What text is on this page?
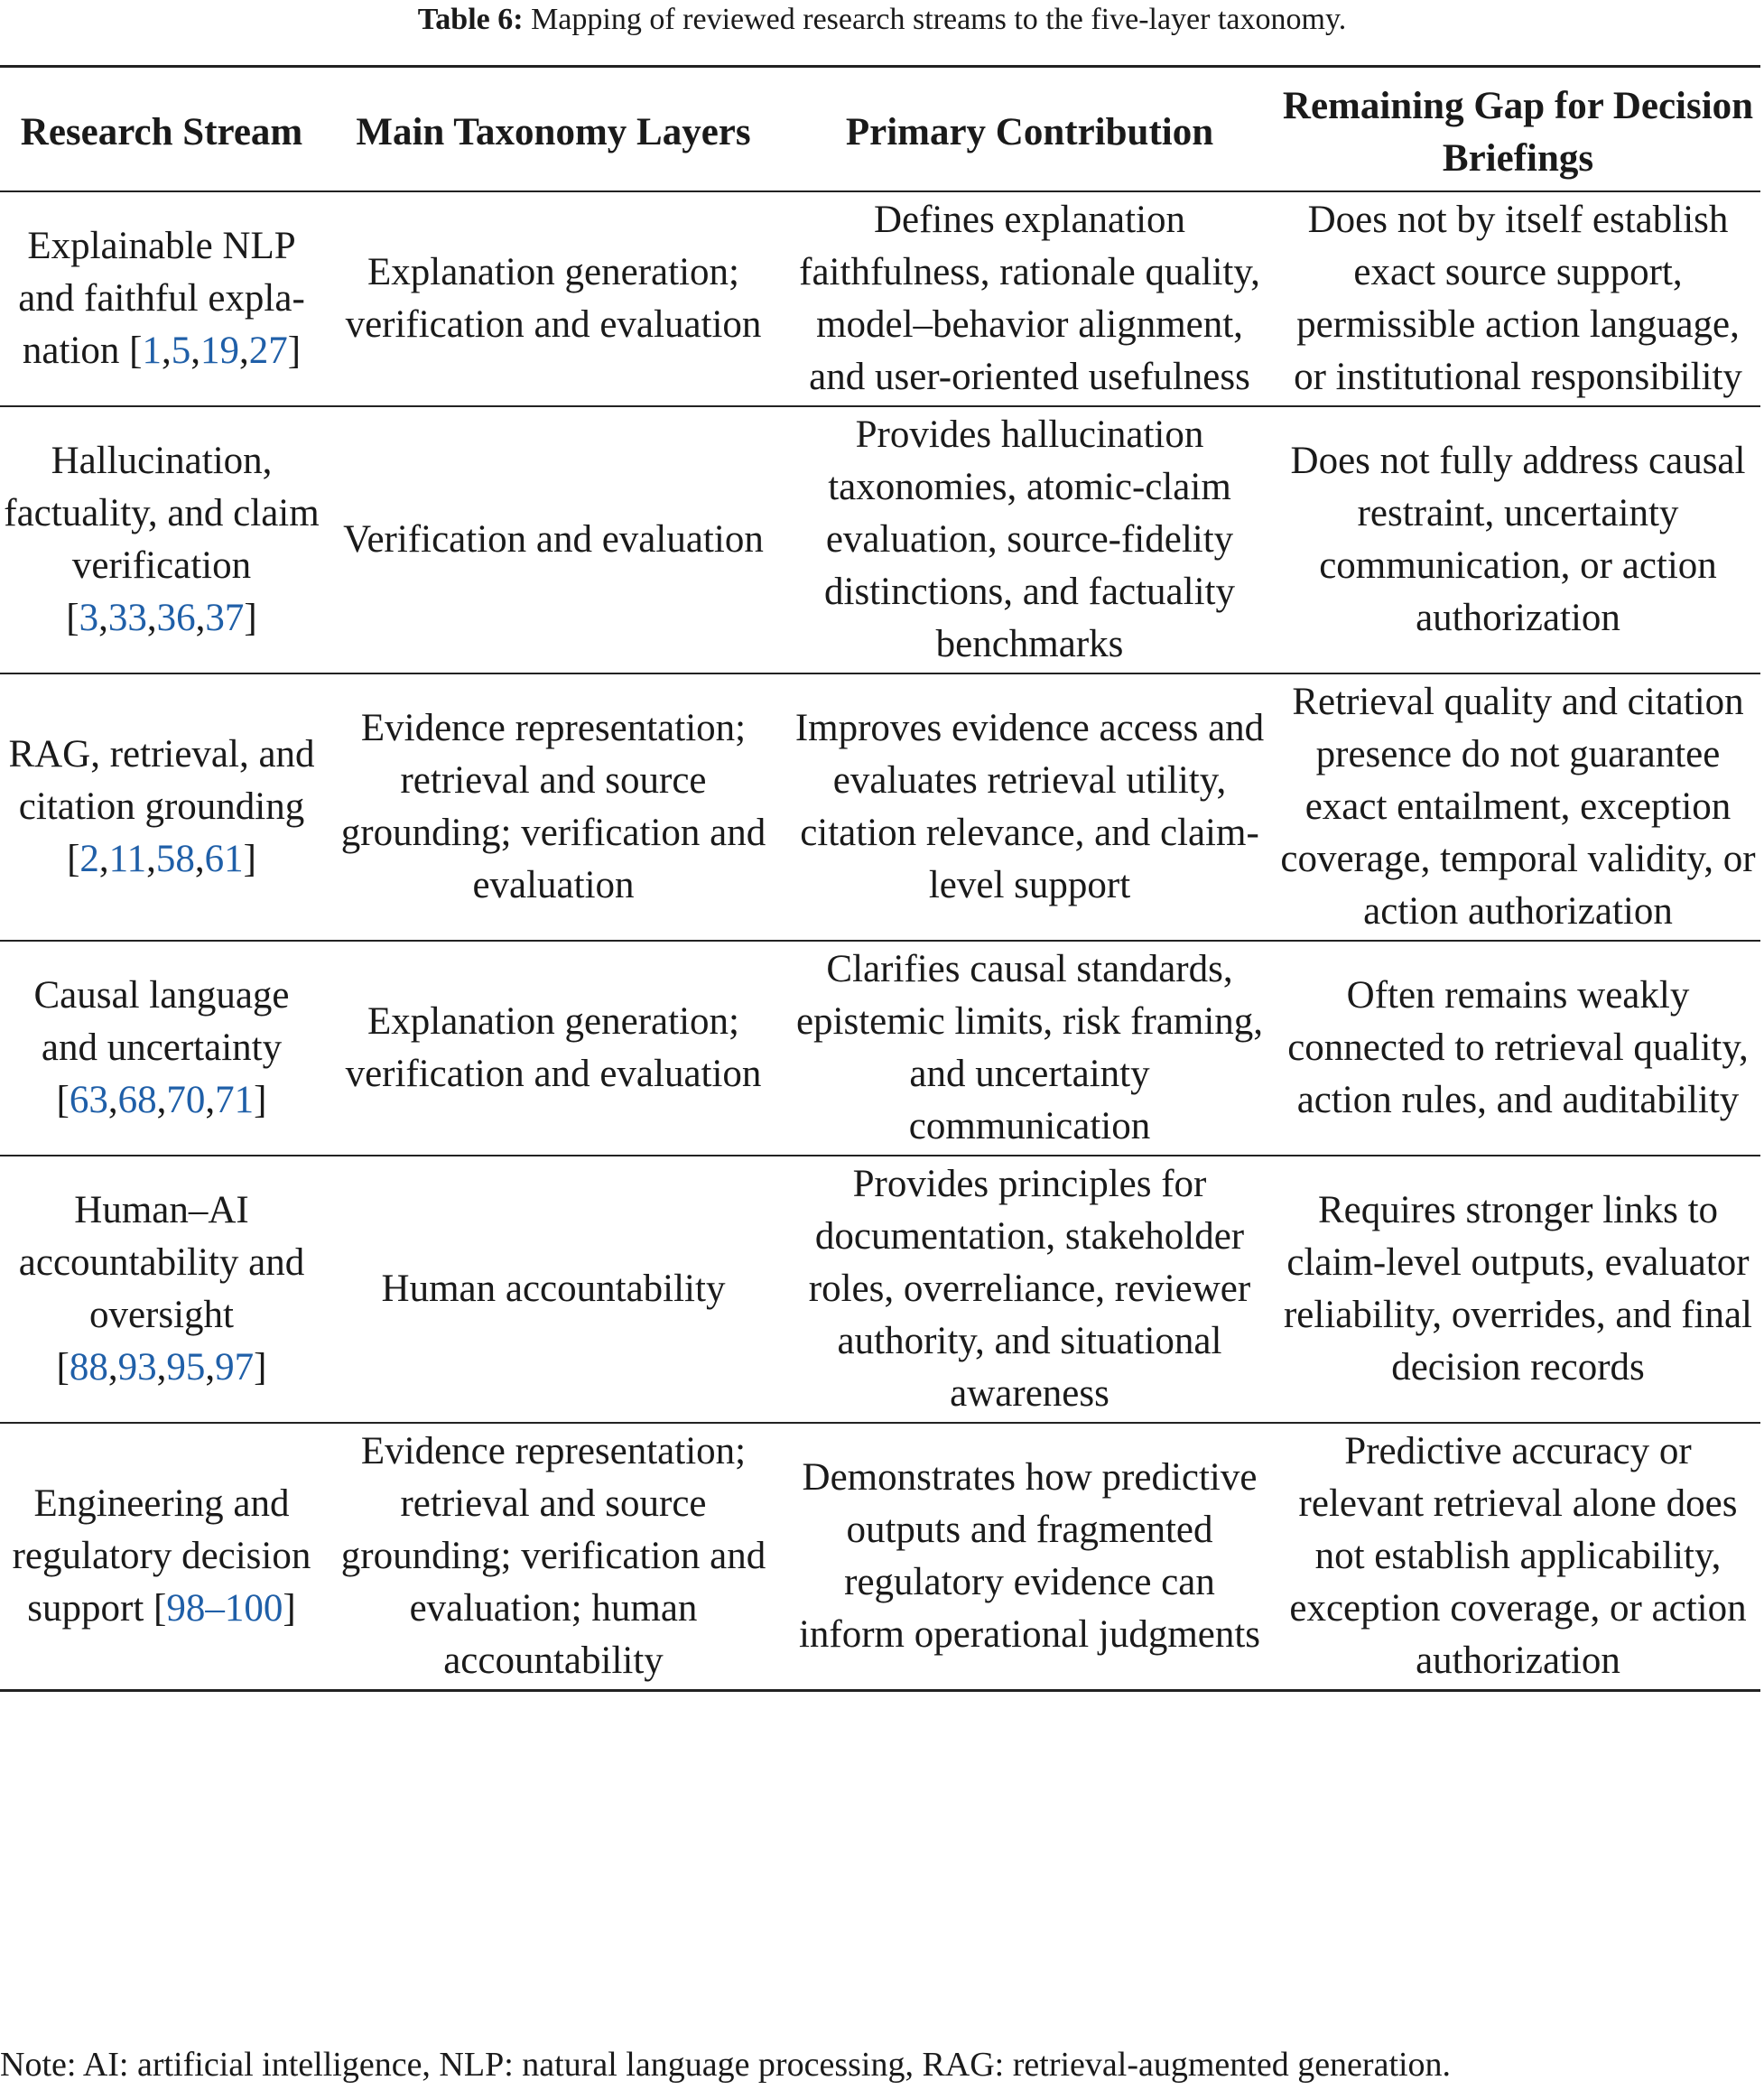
Table 6: Mapping of reviewed research streams to the five-layer taxonomy.
Research Stream	Main Taxonomy Layers	Primary Contribution	Remaining Gap for Decision Briefings
Explainable NLP and faithful explanation [1,5,19,27]	Explanation generation; verification and evaluation	Defines explanation faithfulness, rationale quality, model–behavior alignment, and user-oriented usefulness	Does not by itself establish exact source support, permissible action language, or institutional responsibility
Hallucination, factuality, and claim verification [3,33,36,37]	Verification and evaluation	Provides hallucination taxonomies, atomic-claim evaluation, source-fidelity distinctions, and factuality benchmarks	Does not fully address causal restraint, uncertainty communication, or action authorization
RAG, retrieval, and citation grounding [2,11,58,61]	Evidence representation; retrieval and source grounding; verification and evaluation	Improves evidence access and evaluates retrieval utility, citation relevance, and claim-level support	Retrieval quality and citation presence do not guarantee exact entailment, exception coverage, temporal validity, or action authorization
Causal language and uncertainty [63,68,70,71]	Explanation generation; verification and evaluation	Clarifies causal standards, epistemic limits, risk framing, and uncertainty communication	Often remains weakly connected to retrieval quality, action rules, and auditability
Human–AI accountability and oversight [88,93,95,97]	Human accountability	Provides principles for documentation, stakeholder roles, overreliance, reviewer authority, and situational awareness	Requires stronger links to claim-level outputs, evaluator reliability, overrides, and final decision records
Engineering and regulatory decision support [98–100]	Evidence representation; retrieval and source grounding; verification and evaluation; human accountability	Demonstrates how predictive outputs and fragmented regulatory evidence can inform operational judgments	Predictive accuracy or relevant retrieval alone does not establish applicability, exception coverage, or action authorization
Note: AI: artificial intelligence, NLP: natural language processing, RAG: retrieval-augmented generation.
